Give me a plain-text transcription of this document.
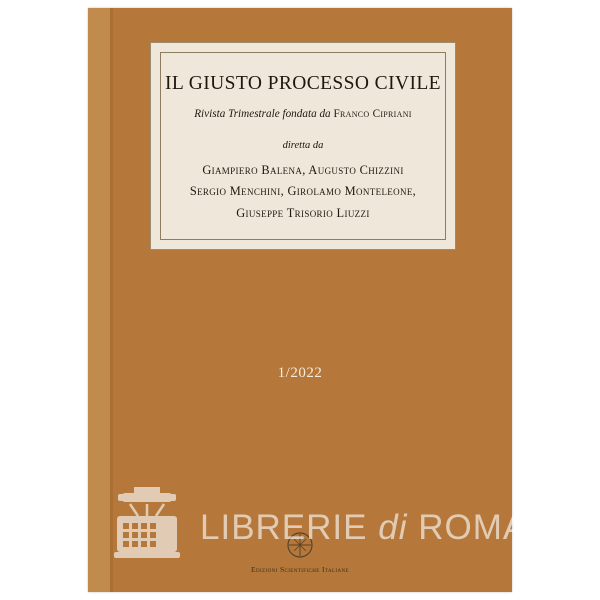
IL GIUSTO PROCESSO CIVILE
Rivista Trimestrale fondata da Franco Cipriani
diretta da
Giampiero Balena, Augusto Chizzini
Sergio Menchini, Girolamo Monteleone,
Giuseppe Trisorio Liuzzi
1/2022
Edizioni Scientifiche Italiane
LIBRERIE di ROMA
